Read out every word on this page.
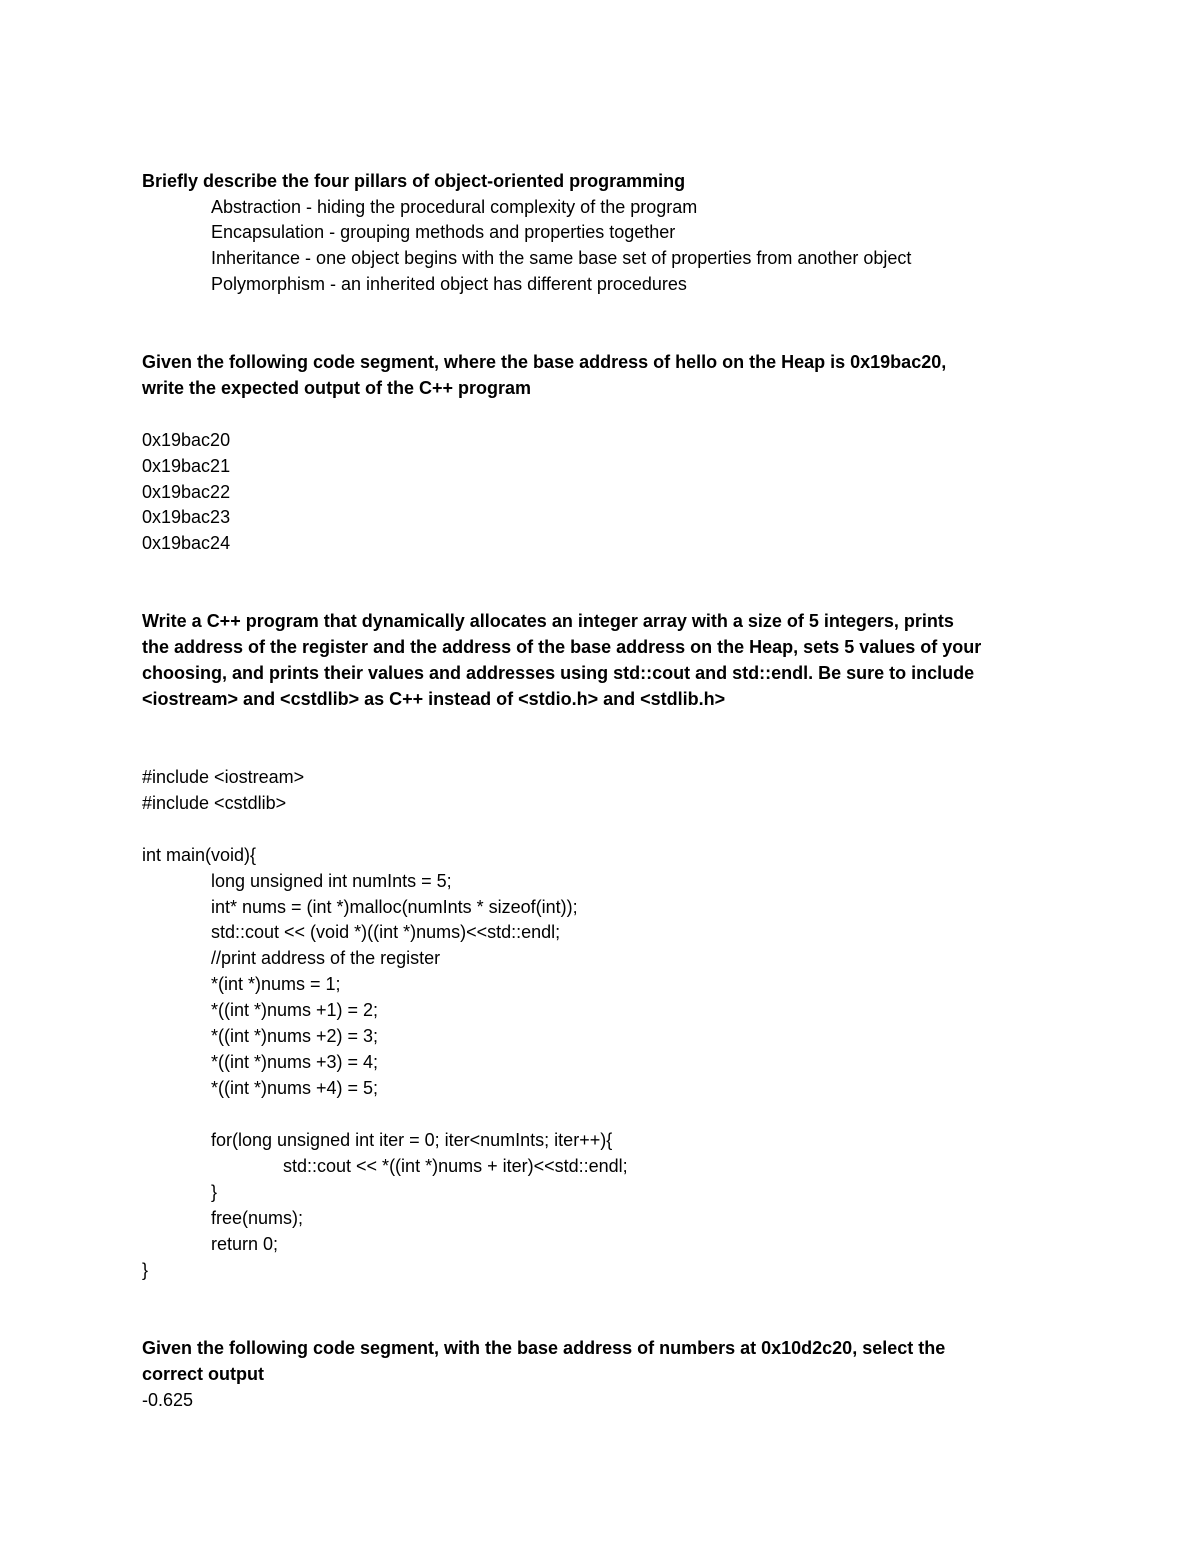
Briefly describe the four pillars of object-oriented programming
Abstraction - hiding the procedural complexity of the program
Encapsulation - grouping methods and properties together
Inheritance - one object begins with the same base set of properties from another object
Polymorphism - an inherited object has different procedures
Given the following code segment, where the base address of hello on the Heap is 0x19bac20,
write the expected output of the C++ program
0x19bac20
0x19bac21
0x19bac22
0x19bac23
0x19bac24
Write a C++ program that dynamically allocates an integer array with a size of 5 integers, prints
the address of the register and the address of the base address on the Heap, sets 5 values of your
choosing, and prints their values and addresses using std::cout and std::endl. Be sure to include
<iostream> and <cstdlib> as C++ instead of <stdio.h> and <stdlib.h>
#include <iostream>
#include <cstdlib>
int main(void){
long unsigned int numInts = 5;
int* nums = (int *)malloc(numInts * sizeof(int));
std::cout << (void *)((int *)nums)<<std::endl;
//print address of the register
*(int *)nums = 1;
*((int *)nums +1) = 2;
*((int *)nums +2) = 3;
*((int *)nums +3) = 4;
*((int *)nums +4) = 5;
for(long unsigned int iter = 0; iter<numInts; iter++){
std::cout << *((int *)nums + iter)<<std::endl;
}
free(nums);
return 0;
}
Given the following code segment, with the base address of numbers at 0x10d2c20, select the
correct output
-0.625
